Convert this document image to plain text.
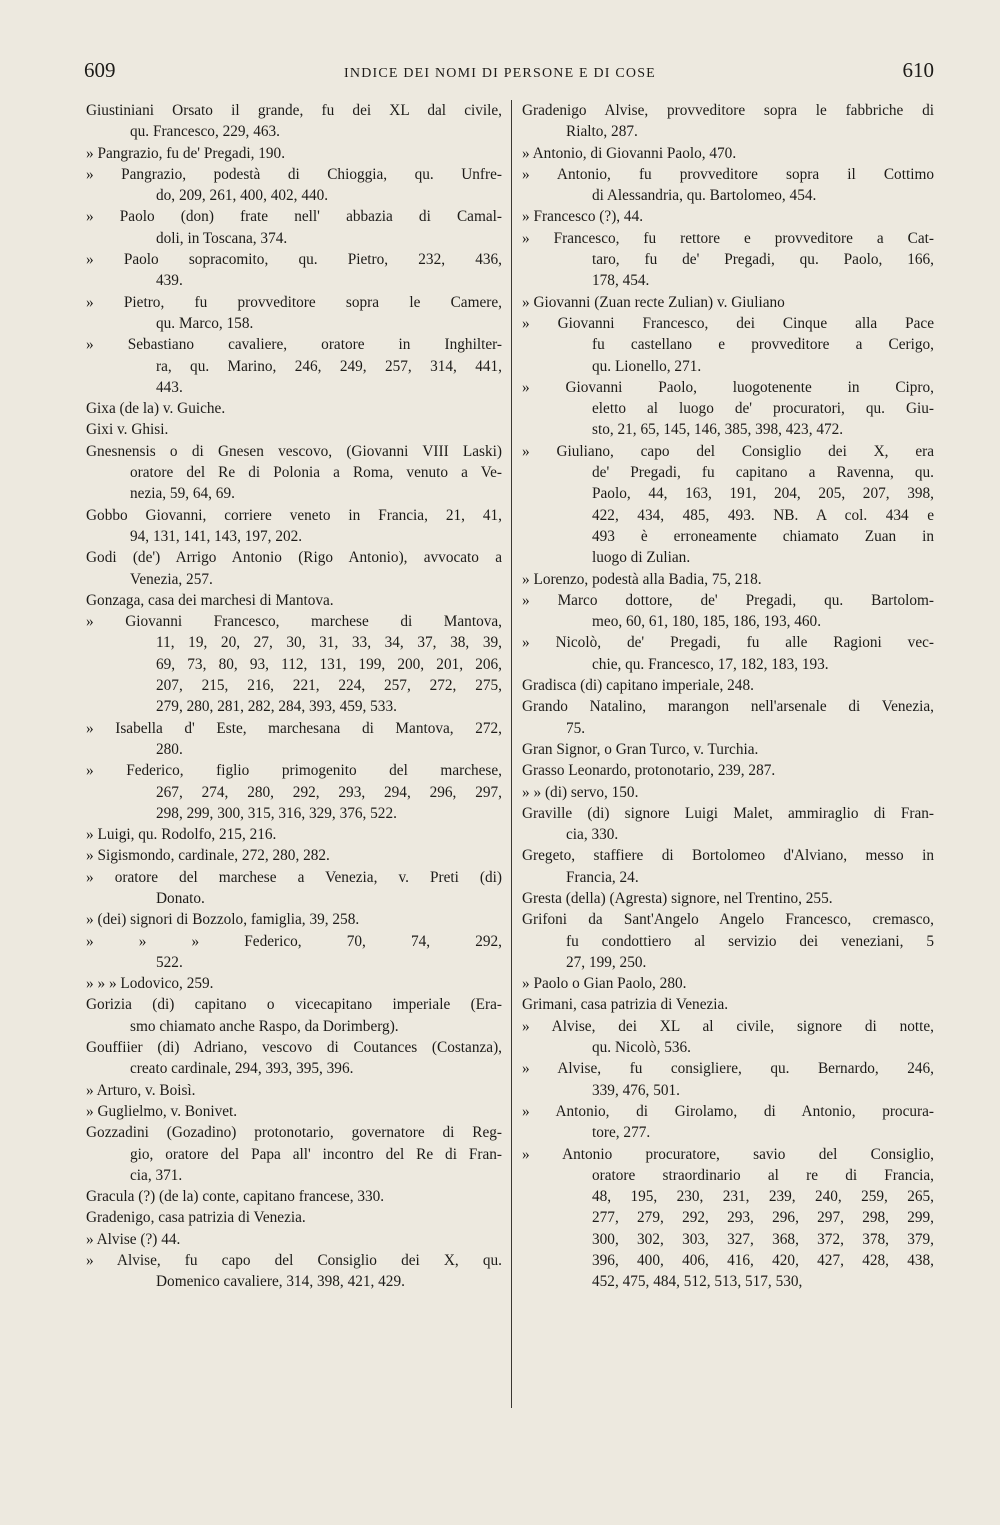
609	INDICE DEI NOMI DI PERSONE E DI COSE	610
Giustiniani Orsato il grande, fu dei XL dal civile,
qu. Francesco, 229, 463.
» Pangrazio, fu de' Pregadi, 190.
» Pangrazio, podestà di Chioggia, qu. Unfre-
do, 209, 261, 400, 402, 440.
» Paolo (don) frate nell' abbazia di Camal-
doli, in Toscana, 374.
» Paolo sopracomito, qu. Pietro, 232, 436,
439.
» Pietro, fu provveditore sopra le Camere,
qu. Marco, 158.
» Sebastiano cavaliere, oratore in Inghilter-
ra, qu. Marino, 246, 249, 257, 314, 441,
443.
Gixa (de la) v. Guiche.
Gixi v. Ghisi.
Gnesnensis o di Gnesen vescovo, (Giovanni VIII Laski)
oratore del Re di Polonia a Roma, venuto a Ve-
nezia, 59, 64, 69.
Gobbo Giovanni, corriere veneto in Francia, 21, 41,
94, 131, 141, 143, 197, 202.
Godi (de') Arrigo Antonio (Rigo Antonio), avvocato a
Venezia, 257.
Gonzaga, casa dei marchesi di Mantova.
» Giovanni Francesco, marchese di Mantova,
11, 19, 20, 27, 30, 31, 33, 34, 37, 38, 39,
69, 73, 80, 93, 112, 131, 199, 200, 201, 206,
207, 215, 216, 221, 224, 257, 272, 275,
279, 280, 281, 282, 284, 393, 459, 533.
» Isabella d' Este, marchesana di Mantova, 272,
280.
» Federico, figlio primogenito del marchese,
267, 274, 280, 292, 293, 294, 296, 297,
298, 299, 300, 315, 316, 329, 376, 522.
» Luigi, qu. Rodolfo, 215, 216.
» Sigismondo, cardinale, 272, 280, 282.
» oratore del marchese a Venezia, v. Preti (di)
Donato.
» (dei) signori di Bozzolo, famiglia, 39, 258.
» » » Federico, 70, 74, 292,
522.
» » » Lodovico, 259.
Gorizia (di) capitano o vicecapitano imperiale (Era-
smo chiamato anche Raspo, da Dorimberg).
Gouffiier (di) Adriano, vescovo di Coutances (Costanza),
creato cardinale, 294, 393, 395, 396.
» Arturo, v. Boisì.
» Guglielmo, v. Bonivet.
Gozzadini (Gozadino) protonotario, governatore di Reg-
gio, oratore del Papa all' incontro del Re di Fran-
cia, 371.
Gracula (?) (de la) conte, capitano francese, 330.
Gradenigo, casa patrizia di Venezia.
» Alvise (?) 44.
» Alvise, fu capo del Consiglio dei X, qu.
Domenico cavaliere, 314, 398, 421, 429.
Gradenigo Alvise, provveditore sopra le fabbriche di
Rialto, 287.
» Antonio, di Giovanni Paolo, 470.
» Antonio, fu provveditore sopra il Cottimo
di Alessandria, qu. Bartolomeo, 454.
» Francesco (?), 44.
» Francesco, fu rettore e provveditore a Cat-
taro, fu de' Pregadi, qu. Paolo, 166,
178, 454.
» Giovanni (Zuan recte Zulian) v. Giuliano
» Giovanni Francesco, dei Cinque alla Pace
fu castellano e provveditore a Cerigo,
qu. Lionello, 271.
» Giovanni Paolo, luogotenente in Cipro,
eletto al luogo de' procuratori, qu. Giu-
sto, 21, 65, 145, 146, 385, 398, 423, 472.
» Giuliano, capo del Consiglio dei X, era
de' Pregadi, fu capitano a Ravenna, qu.
Paolo, 44, 163, 191, 204, 205, 207, 398,
422, 434, 485, 493. NB. A col. 434 e
493 è erroneamente chiamato Zuan in
luogo di Zulian.
» Lorenzo, podestà alla Badia, 75, 218.
» Marco dottore, de' Pregadi, qu. Bartolom-
meo, 60, 61, 180, 185, 186, 193, 460.
» Nicolò, de' Pregadi, fu alle Ragioni vec-
chie, qu. Francesco, 17, 182, 183, 193.
Gradisca (di) capitano imperiale, 248.
Grando Natalino, marangon nell'arsenale di Venezia,
75.
Gran Signor, o Gran Turco, v. Turchia.
Grasso Leonardo, protonotario, 239, 287.
» » (di) servo, 150.
Graville (di) signore Luigi Malet, ammiraglio di Fran-
cia, 330.
Gregeto, staffiere di Bortolomeo d'Alviano, messo in
Francia, 24.
Gresta (della) (Agresta) signore, nel Trentino, 255.
Grifoni da Sant'Angelo Angelo Francesco, cremasco,
fu condottiero al servizio dei veneziani, 5
27, 199, 250.
» Paolo o Gian Paolo, 280.
Grimani, casa patrizia di Venezia.
» Alvise, dei XL al civile, signore di notte,
qu. Nicolò, 536.
» Alvise, fu consigliere, qu. Bernardo, 246,
339, 476, 501.
» Antonio, di Girolamo, di Antonio, procura-
tore, 277.
» Antonio procuratore, savio del Consiglio,
oratore straordinario al re di Francia,
48, 195, 230, 231, 239, 240, 259, 265,
277, 279, 292, 293, 296, 297, 298, 299,
300, 302, 303, 327, 368, 372, 378, 379,
396, 400, 406, 416, 420, 427, 428, 438,
452, 475, 484, 512, 513, 517, 530,
